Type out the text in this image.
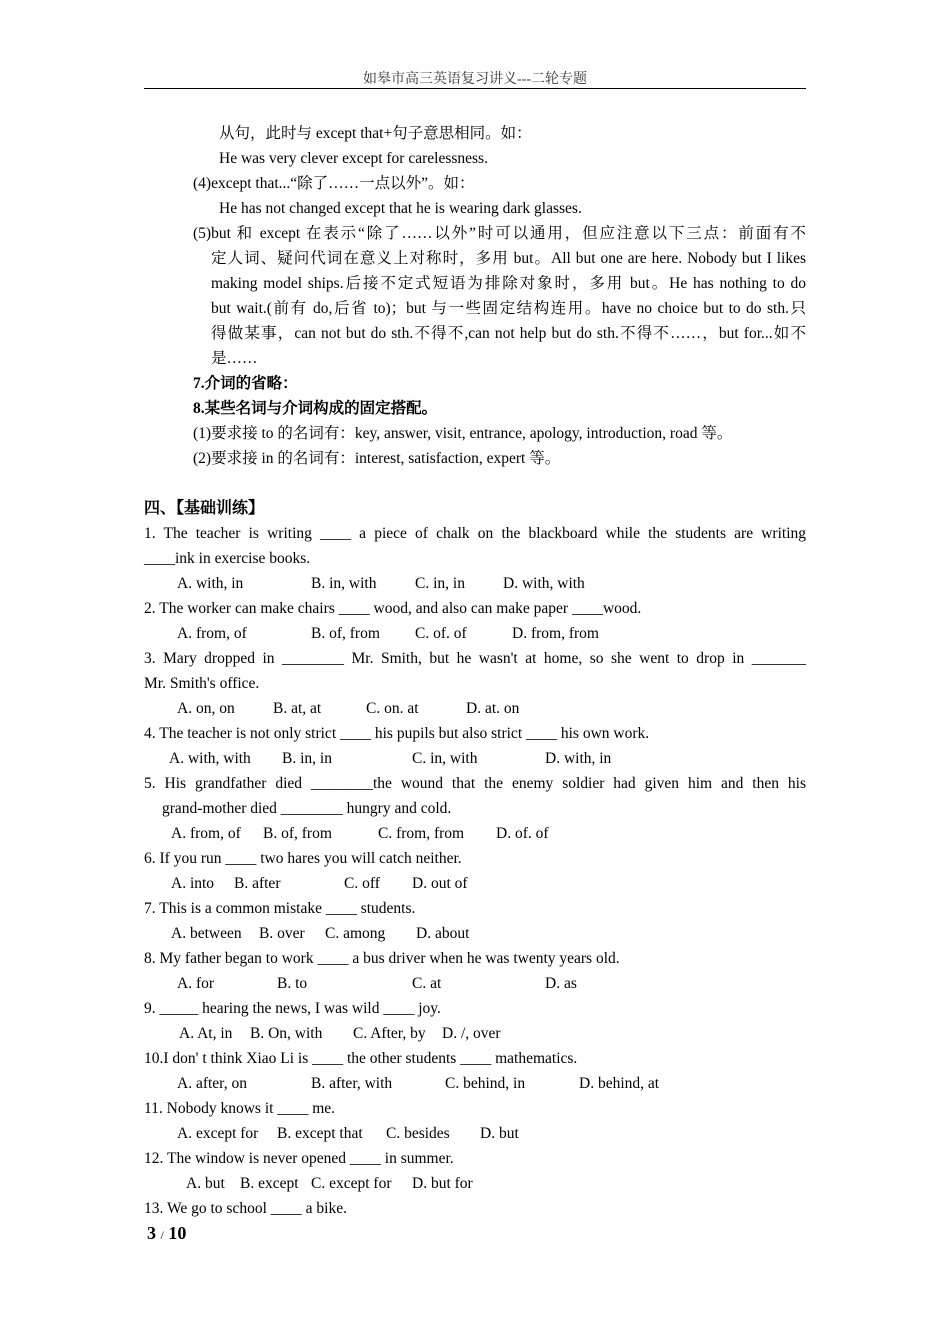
如皋市高三英语复习讲义---二轮专题
从句，此时与 except that+句子意思相同。如：
He was very clever except for carelessness.
(4)except that...“除了……一点以外”。如：
He has not changed except that he is wearing dark glasses.
(5)but 和 except 在表示“除了……以外”时可以通用，但应注意以下三点：前面有不
定人词、疑问代词在意义上对称时，多用 but。All but one are here. Nobody but I likes
making model ships.后接不定式短语为排除对象时，多用 but。He has nothing to do
but wait.(前有 do,后省 to)；but 与一些固定结构连用。have no choice but to do sth.只
得做某事，can not but do sth.不得不,can not help but do sth.不得不……，but for...如不
是……
7.介词的省略：
8.某些名词与介词构成的固定搭配。
(1)要求接 to 的名词有：key, answer, visit, entrance, apology, introduction, road 等。
(2)要求接 in 的名词有：interest, satisfaction, expert 等。
四、【基础训练】
1. The teacher is writing ____ a piece of chalk on the blackboard while the students are writing
____ink in exercise books.
A. with, in	B. in, with C. in, in D. with, with
2. The worker can make chairs ____ wood, and also can make paper ____wood.
A. from, of	B. of, from C. of. of	D. from, from
3. Mary dropped in ________ Mr. Smith, but he wasn't at home, so she went to drop in _______
Mr. Smith's office.
A. on, on B. at, at	C. on. at	D. at. on
4. The teacher is not only strict ____ his pupils but also strict ____ his own work.
A. with, with B. in, in	C. in, with	D. with, in
5. His grandfather died ________the wound that the enemy soldier had given him and then his
grand-mother died ________ hungry and cold.
A. from, of B. of, from	C. from, from D. of. of
6. If you run ____ two hares you will catch neither.
A. into B. after	C. off D. out of
7. This is a common mistake ____ students.
A. between B. over C. among D. about
8. My father began to work ____ a bus driver when he was twenty years old.
A. for	B. to	C. at	D. as
9. _____ hearing the news, I was wild ____ joy.
A. At, in B. On, with C. After, by D. /, over
10.I don' t think Xiao Li is ____ the other students ____ mathematics.
A. after, on	B. after, with	C. behind, in	D. behind, at
11. Nobody knows it ____ me.
A. except for B. except that C. besides D. but
12. The window is never opened ____ in summer.
A. but B. except C. except for D. but for
13. We go to school ____ a bike.
3 / 10
